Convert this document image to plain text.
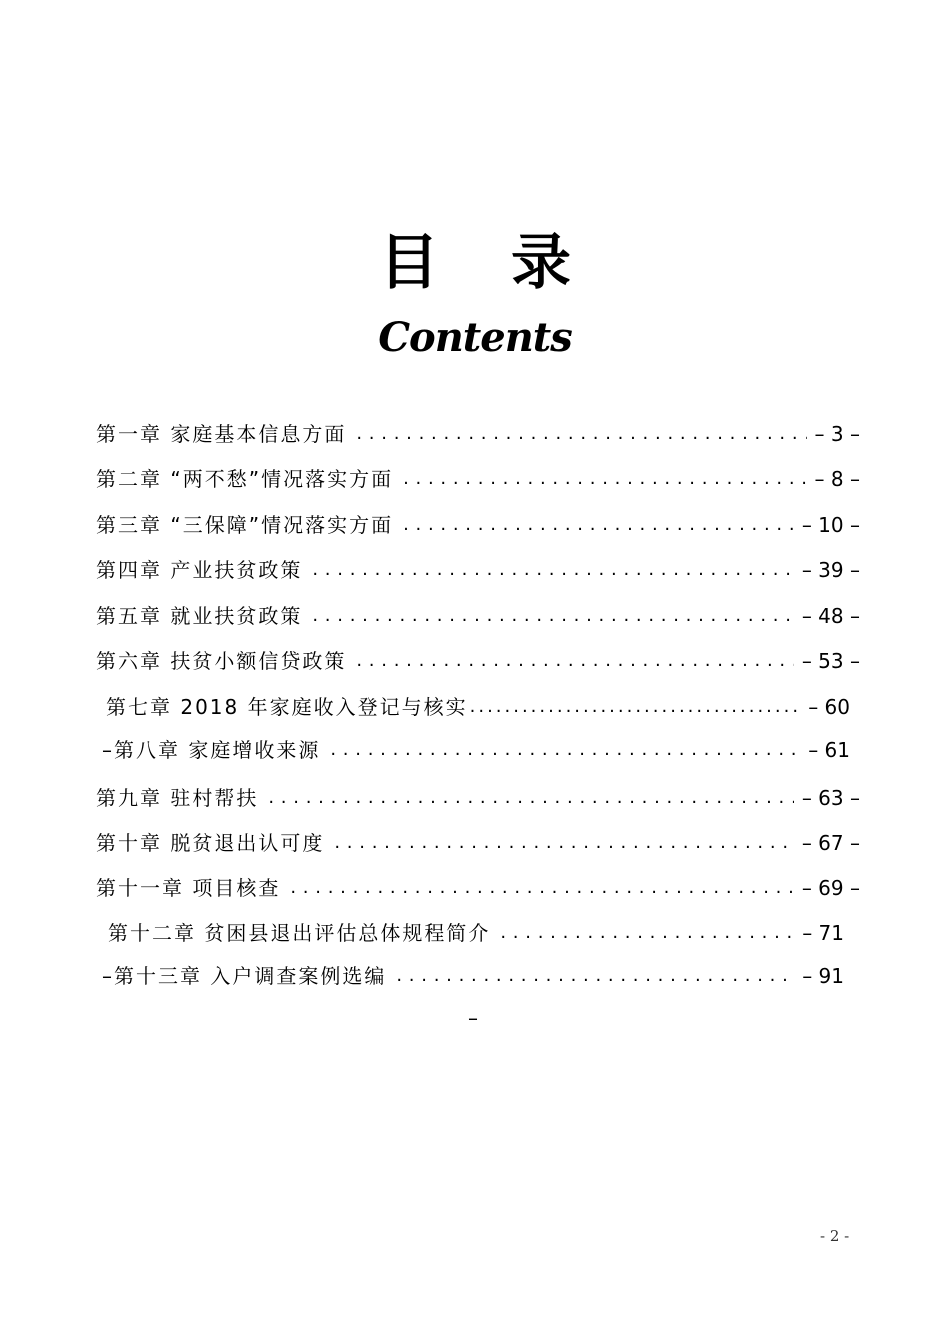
目录
Contents
第一章 家庭基本信息方面 . . .	– 3 –
第二章 “两不愁”情况落实方面 . . .	– 8 –
第三章 “三保障”情况落实方面 . . .	– 10 –
第四章 产业扶贫政策 . . .	– 39 –
第五章 就业扶贫政策 . . .	– 48 –
第六章 扶贫小额信贷政策 . . .	– 53 –
第七章 2018 年家庭收入登记与核实 .....	– 60
–第八章 家庭增收来源 . . .	– 61
第九章 驻村帮扶 . . .	– 63 –
第十章 脱贫退出认可度 . . .	– 67 –
第十一章 项目核查 . . .	– 69 –
第十二章 贫困县退出评估总体规程简介 . . .	– 71
–第十三章 入户调查案例选编 . . .	– 91
–
- 2 -
